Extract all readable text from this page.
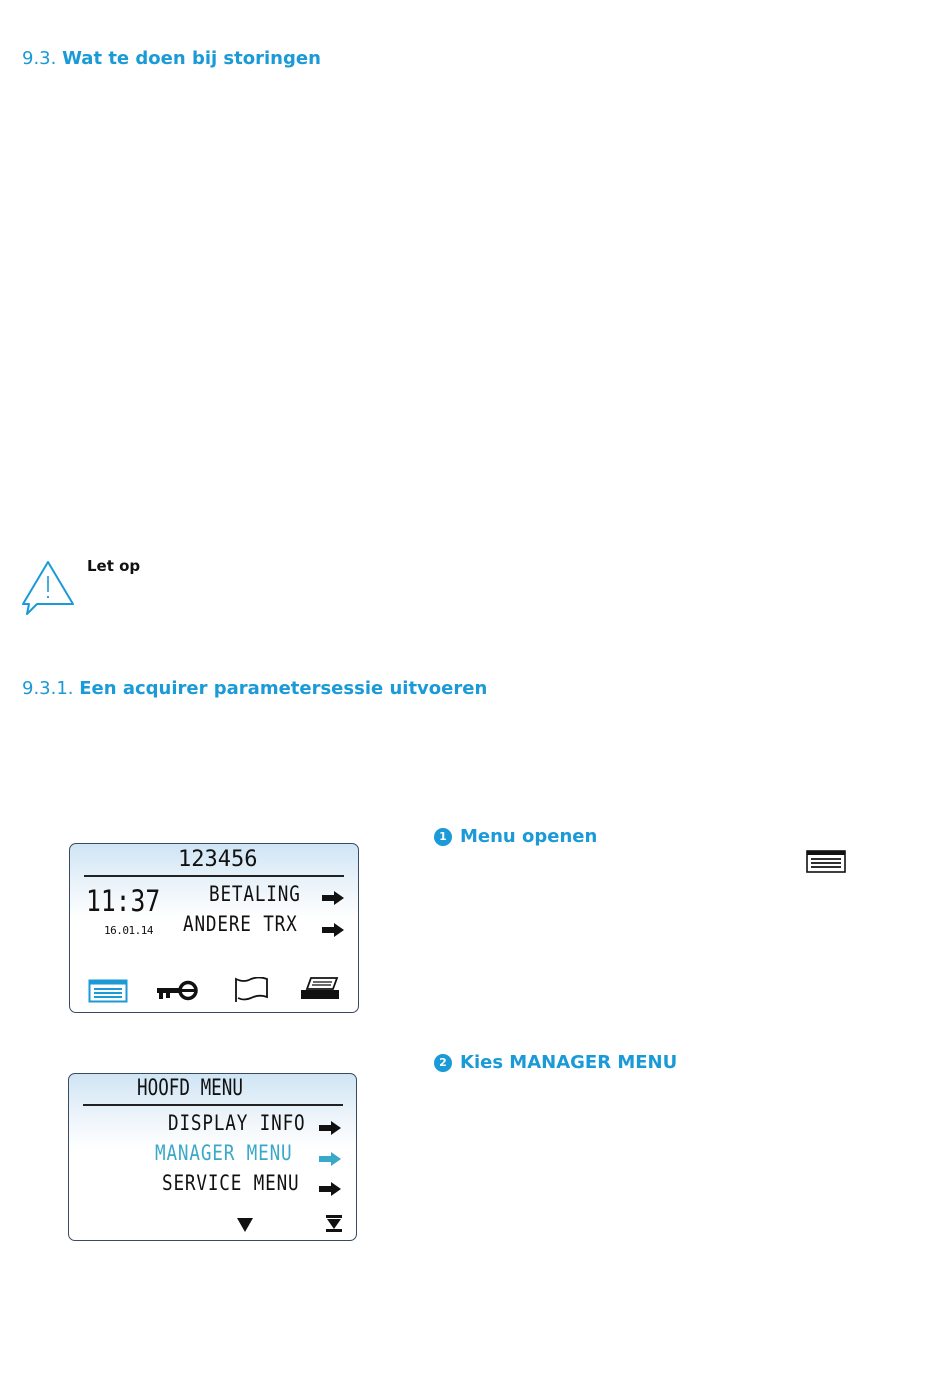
9.3. Wat te doen bij storingen
Let op
9.3.1. Een acquirer parametersessie uitvoeren
123456
11:37
16.01.14
BETALING
ANDERE TRX
1 Menu openen
HOOFD MENU
DISPLAY INFO
MANAGER MENU
SERVICE MENU
2 Kies MANAGER MENU
